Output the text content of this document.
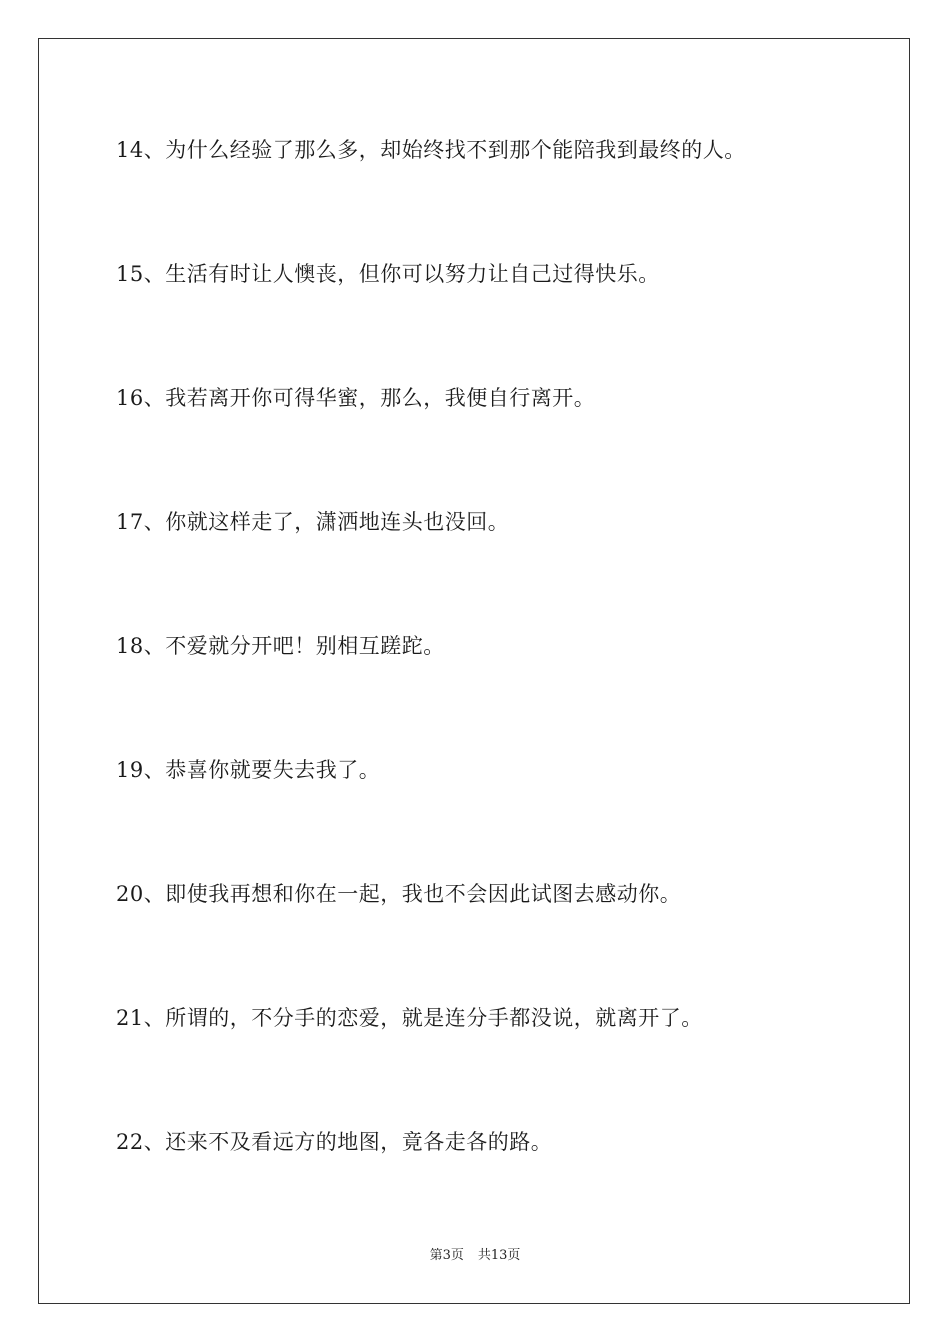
14、为什么经验了那么多，却始终找不到那个能陪我到最终的人。
15、生活有时让人懊丧，但你可以努力让自己过得快乐。
16、我若离开你可得华蜜，那么，我便自行离开。
17、你就这样走了，潇洒地连头也没回。
18、不爱就分开吧！别相互蹉跎。
19、恭喜你就要失去我了。
20、即使我再想和你在一起，我也不会因此试图去感动你。
21、所谓的，不分手的恋爱，就是连分手都没说，就离开了。
22、还来不及看远方的地图，竟各走各的路。
第3页 共13页
